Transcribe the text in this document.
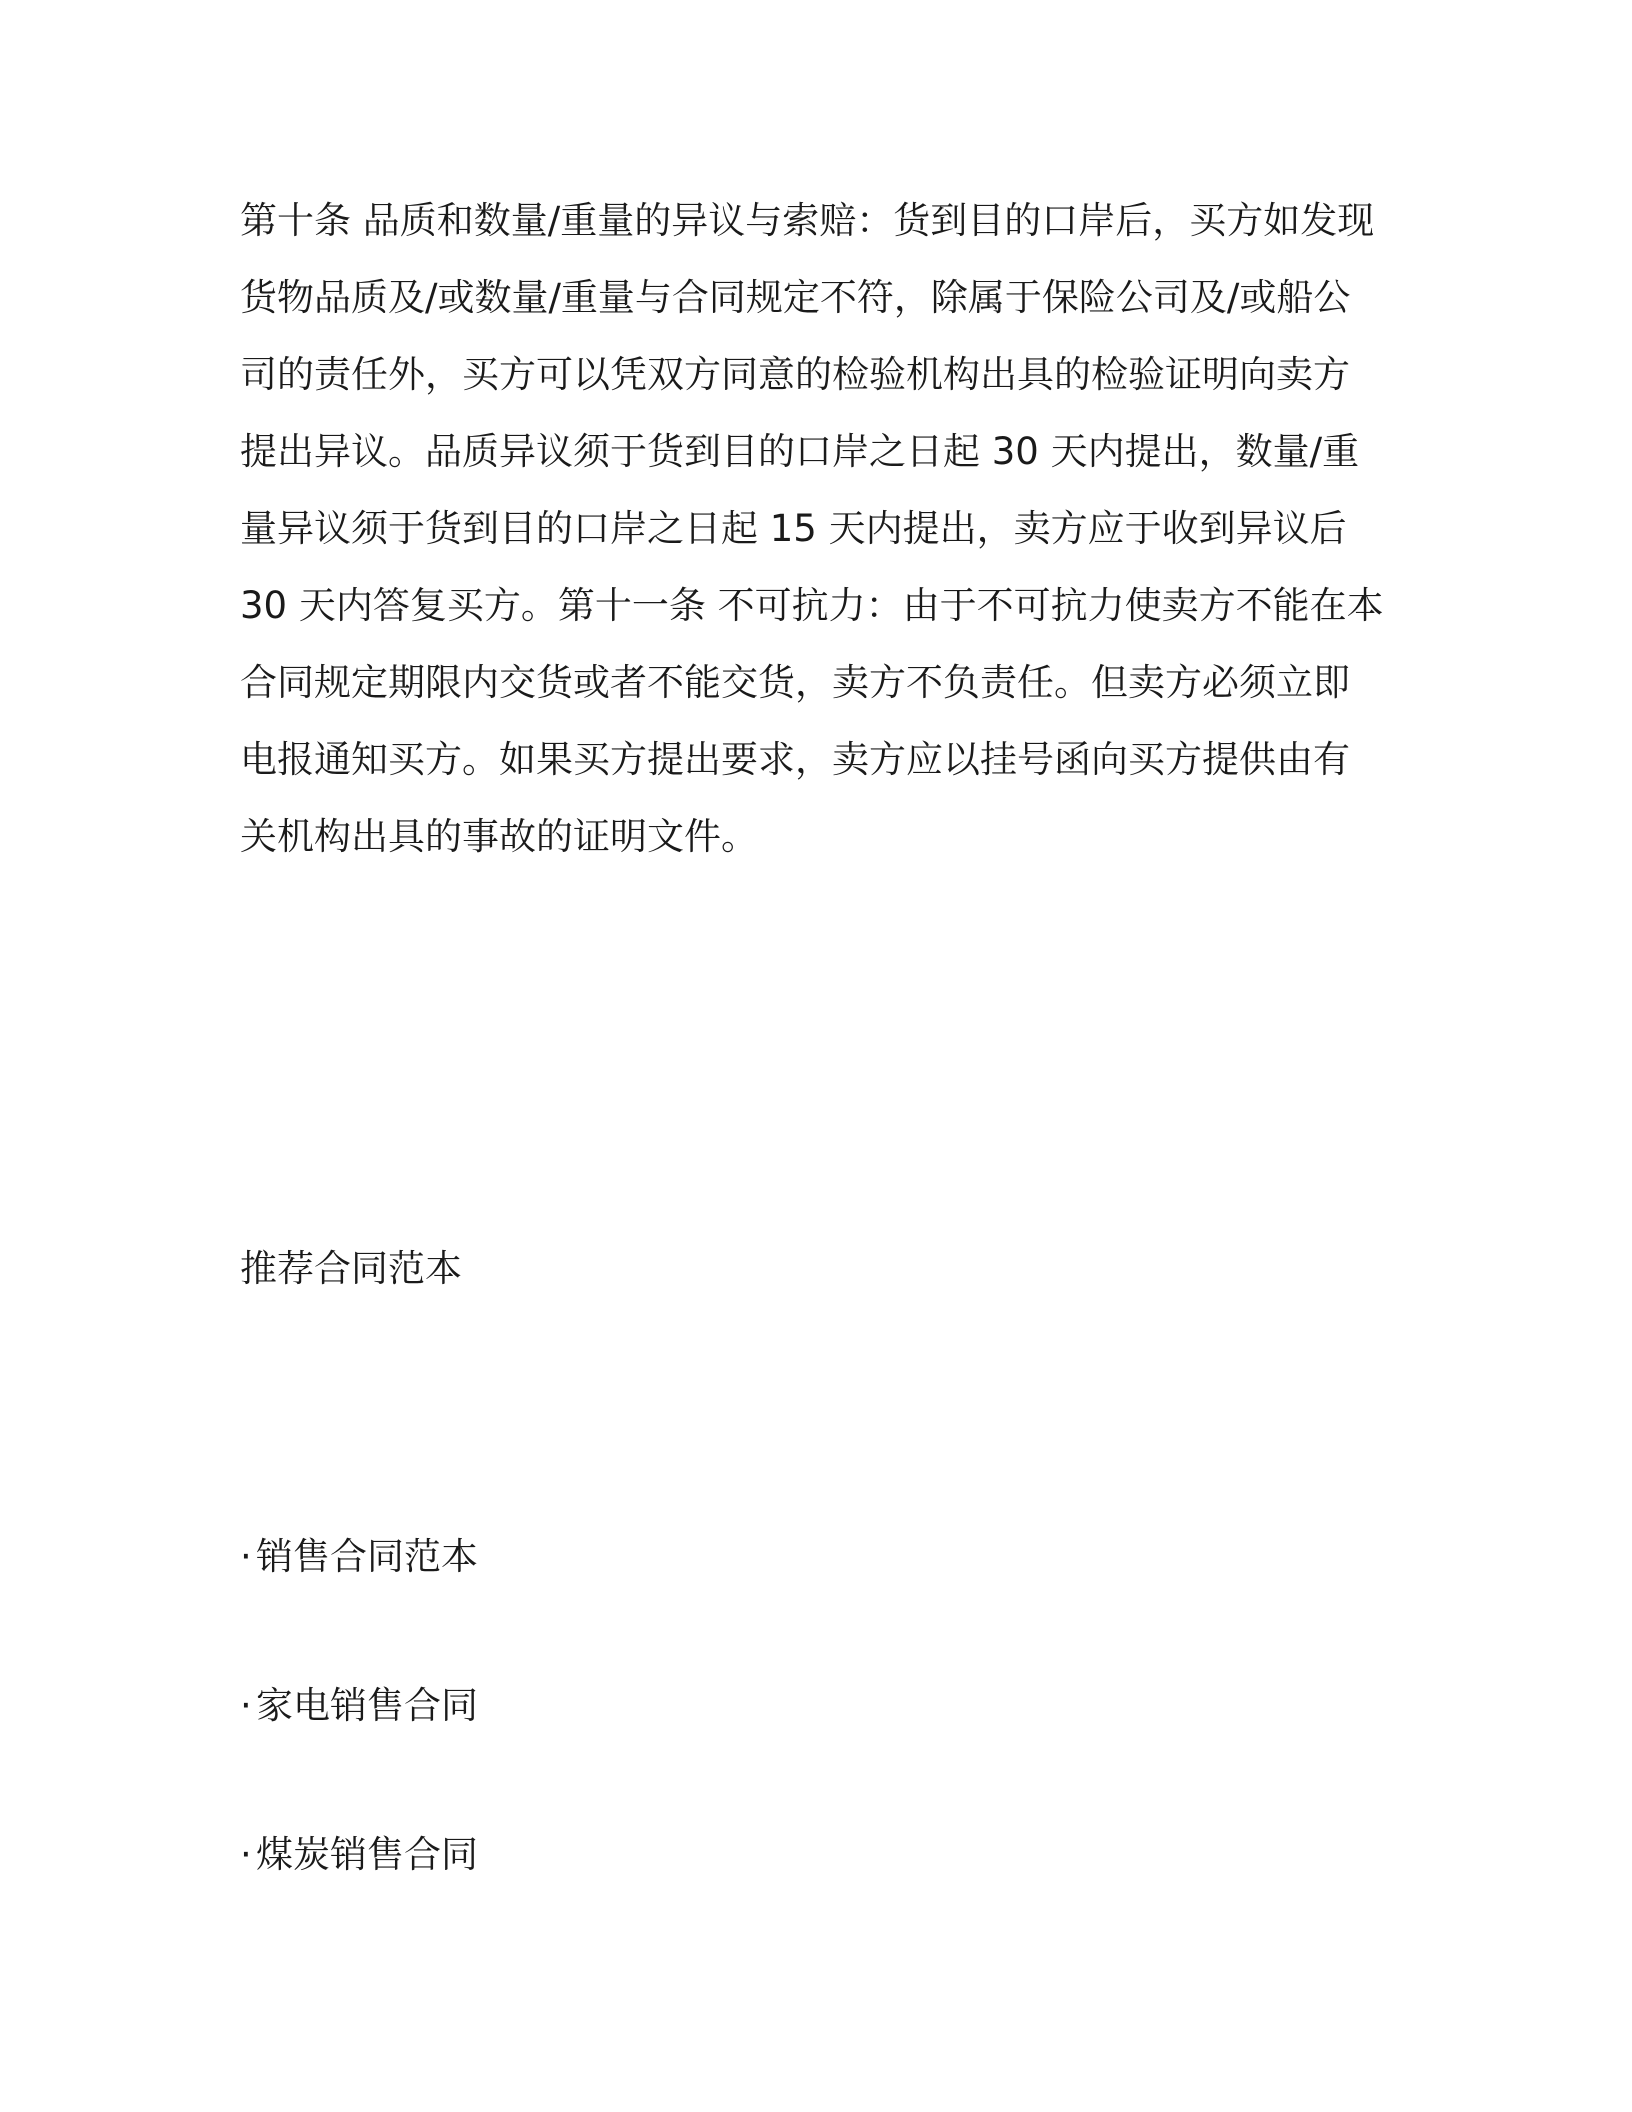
第十条 品质和数量/重量的异议与索赔：货到目的口岸后，买方如发现
货物品质及/或数量/重量与合同规定不符，除属于保险公司及/或船公
司的责任外，买方可以凭双方同意的检验机构出具的检验证明向卖方
提出异议。品质异议须于货到目的口岸之日起 30 天内提出，数量/重
量异议须于货到目的口岸之日起 15 天内提出，卖方应于收到异议后
30 天内答复买方。第十一条 不可抗力：由于不可抗力使卖方不能在本
合同规定期限内交货或者不能交货，卖方不负责任。但卖方必须立即
电报通知买方。如果买方提出要求，卖方应以挂号函向买方提供由有
关机构出具的事故的证明文件。

推荐合同范本
· 销售合同范本
· 家电销售合同
· 煤炭销售合同
